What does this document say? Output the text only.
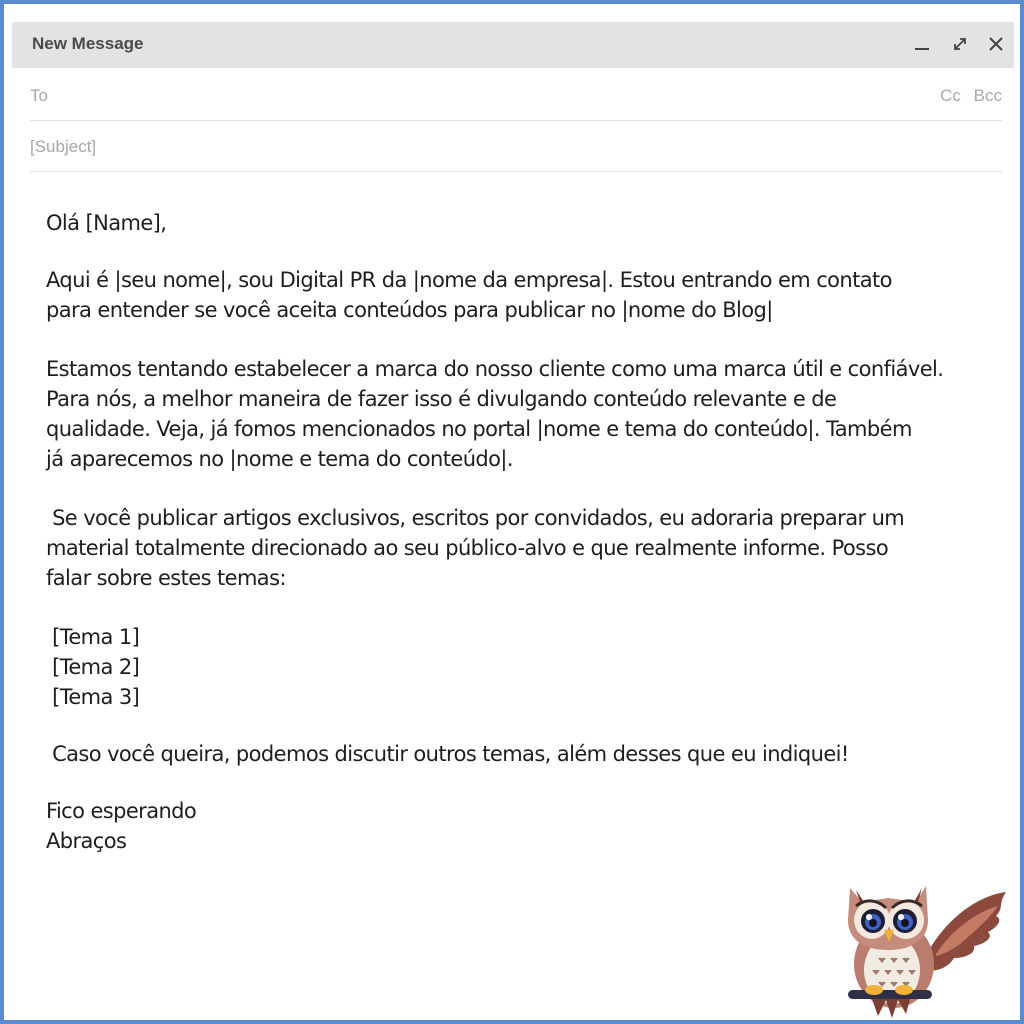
New Message
To	Cc Bcc
[Subject]
Olá [Name],
Aqui é |seu nome|, sou Digital PR da |nome da empresa|. Estou entrando em contato
para entender se você aceita conteúdos para publicar no |nome do Blog|
Estamos tentando estabelecer a marca do nosso cliente como uma marca útil e confiável.
Para nós, a melhor maneira de fazer isso é divulgando conteúdo relevante e de
qualidade. Veja, já fomos mencionados no portal |nome e tema do conteúdo|. Também
já aparecemos no |nome e tema do conteúdo|.
Se você publicar artigos exclusivos, escritos por convidados, eu adoraria preparar um
material totalmente direcionado ao seu público-alvo e que realmente informe. Posso
falar sobre estes temas:
[Tema 1]
[Tema 2]
[Tema 3]
Caso você queira, podemos discutir outros temas, além desses que eu indiquei!
Fico esperando
Abraços
